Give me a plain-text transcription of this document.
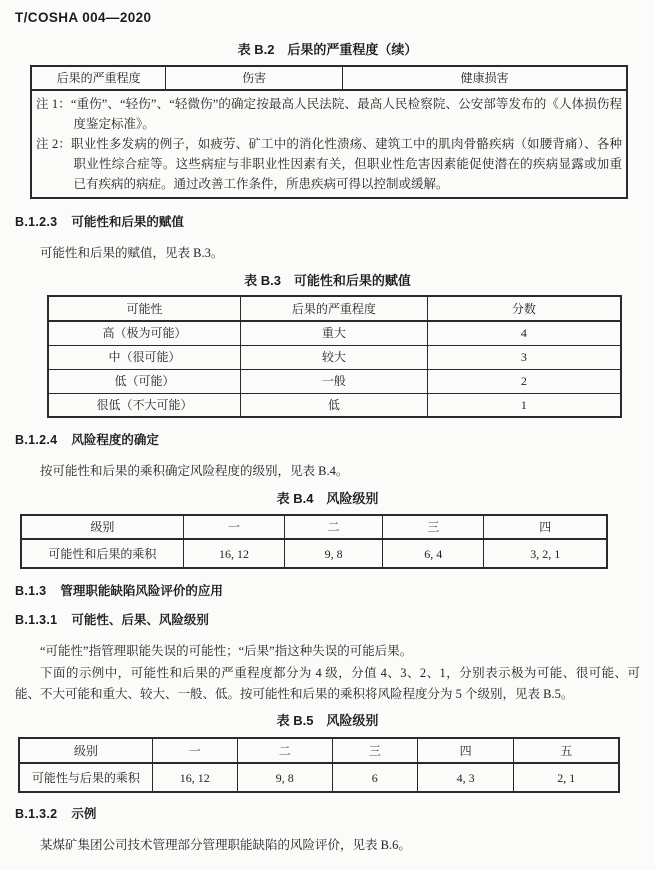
T/COSHA 004—2020
表 B.2　后果的严重程度（续）
后果的严重程度	伤害	健康损害

注 1：“重伤”、“轻伤”、“轻微伤”的确定按最高人民法院、最高人民检察院、公安部等发布的《人体损伤程度鉴定标准》。
注 2：职业性多发病的例子，如疲劳、矿工中的消化性溃疡、建筑工中的肌肉骨骼疾病（如腰背痛）、各种职业性综合症等。这些病症与非职业性因素有关，但职业性危害因素能促使潜在的疾病显露或加重已有疾病的病症。通过改善工作条件，所患疾病可得以控制或缓解。
B.1.2.3 可能性和后果的赋值

可能性和后果的赋值，见表 B.3。

表 B.3　可能性和后果的赋值
可能性	后果的严重程度	分数
高（极为可能）	重大	4
中（很可能）	较大	3
低（可能）	一般	2
很低（不大可能）	低	1
B.1.2.4 风险程度的确定

按可能性和后果的乘积确定风险程度的级别，见表 B.4。

表 B.4　风险级别
级别	一	二	三	四
可能性和后果的乘积	16, 12	9, 8	6, 4	3, 2, 1
B.1.3 管理职能缺陷风险评价的应用
B.1.3.1 可能性、后果、风险级别

“可能性”指管理职能失误的可能性；“后果”指这种失误的可能后果。

下面的示例中，可能性和后果的严重程度都分为 4 级，分值 4、3、2、1，分别表示极为可能、很可能、可能、不大可能和重大、较大、一般、低。按可能性和后果的乘积将风险程度分为 5 个级别，见表 B.5。

表 B.5　风险级别
级别	一	二	三	四	五
可能性与后果的乘积	16, 12	9, 8	6	4, 3	2, 1
B.1.3.2 示例

某煤矿集团公司技术管理部分管理职能缺陷的风险评价，见表 B.6。
